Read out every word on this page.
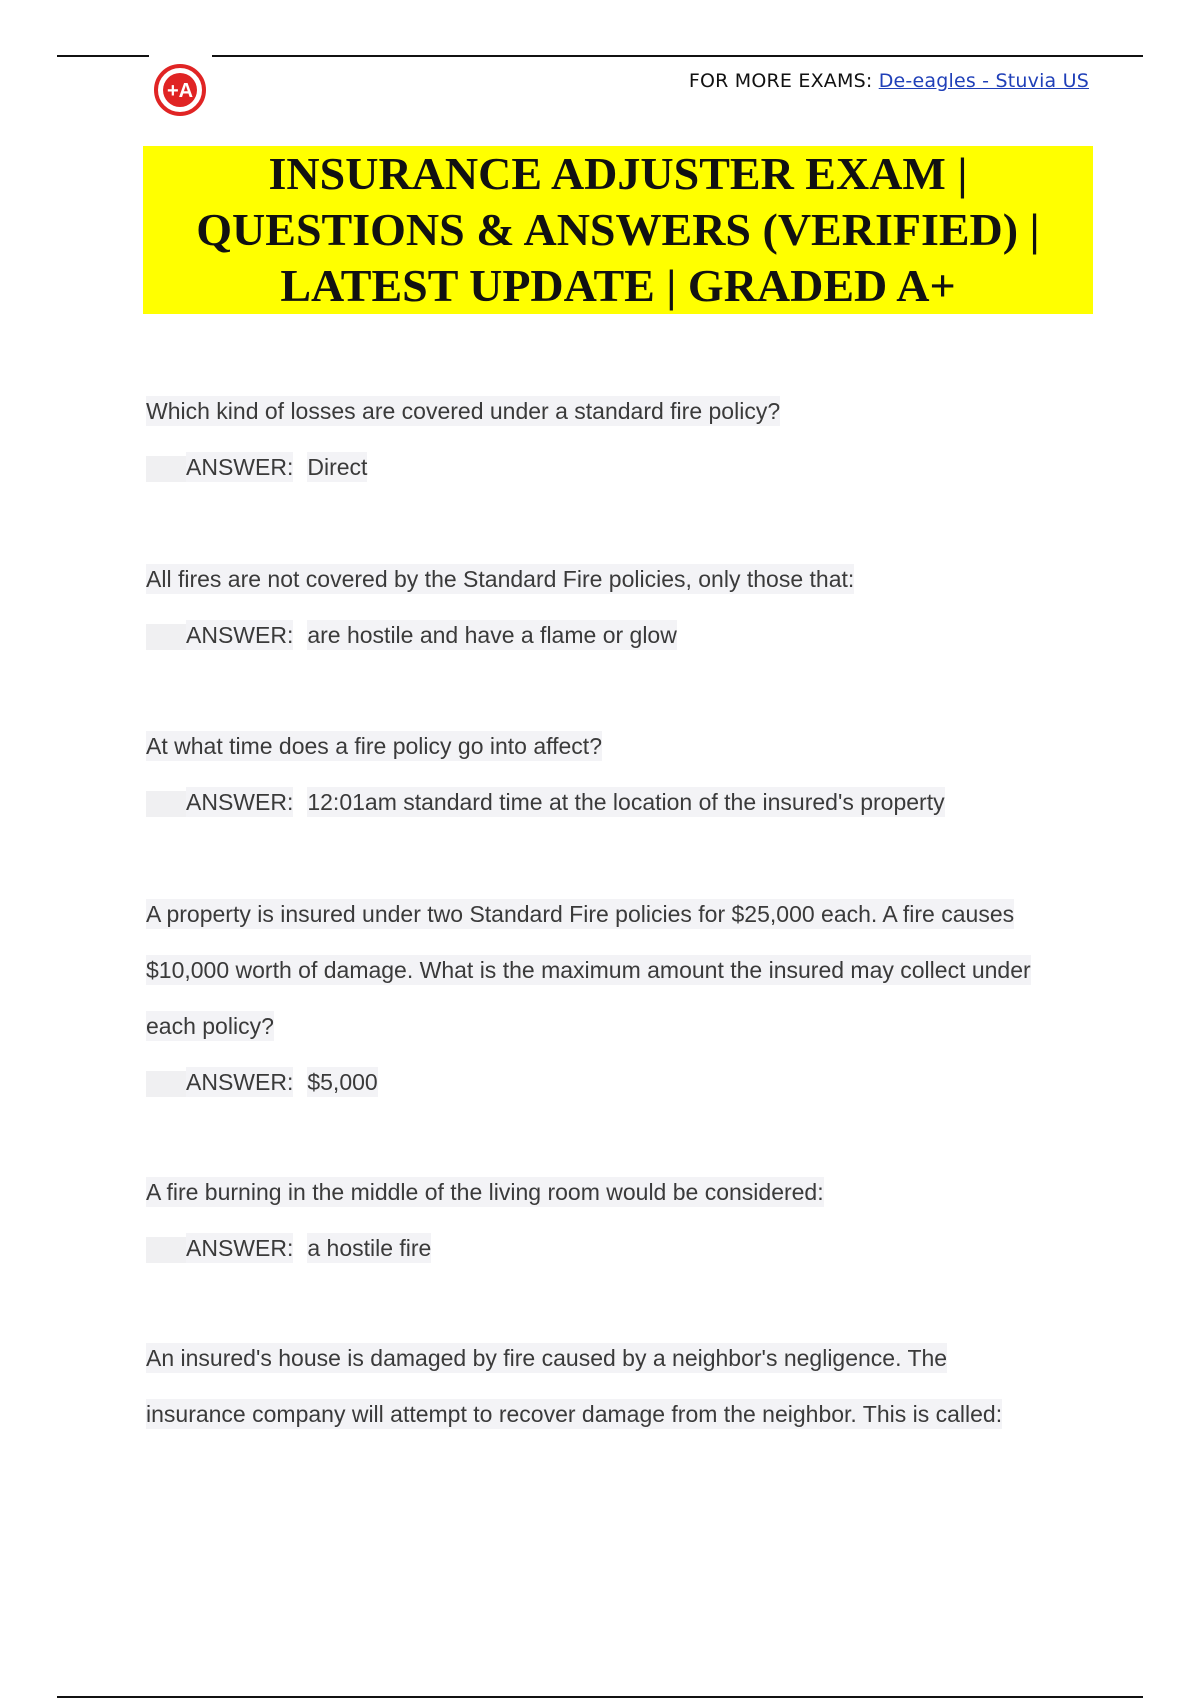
+A	FOR MORE EXAMS: De-eagles - Stuvia US
INSURANCE ADJUSTER EXAM |
QUESTIONS & ANSWERS (VERIFIED) |
LATEST UPDATE | GRADED A+
Which kind of losses are covered under a standard fire policy?
ANSWER: Direct
All fires are not covered by the Standard Fire policies, only those that:
ANSWER: are hostile and have a flame or glow
At what time does a fire policy go into affect?
ANSWER: 12:01am standard time at the location of the insured's property
A property is insured under two Standard Fire policies for $25,000 each. A fire causes
$10,000 worth of damage. What is the maximum amount the insured may collect under
each policy?
ANSWER: $5,000
A fire burning in the middle of the living room would be considered:
ANSWER: a hostile fire
An insured's house is damaged by fire caused by a neighbor's negligence. The
insurance company will attempt to recover damage from the neighbor. This is called:
